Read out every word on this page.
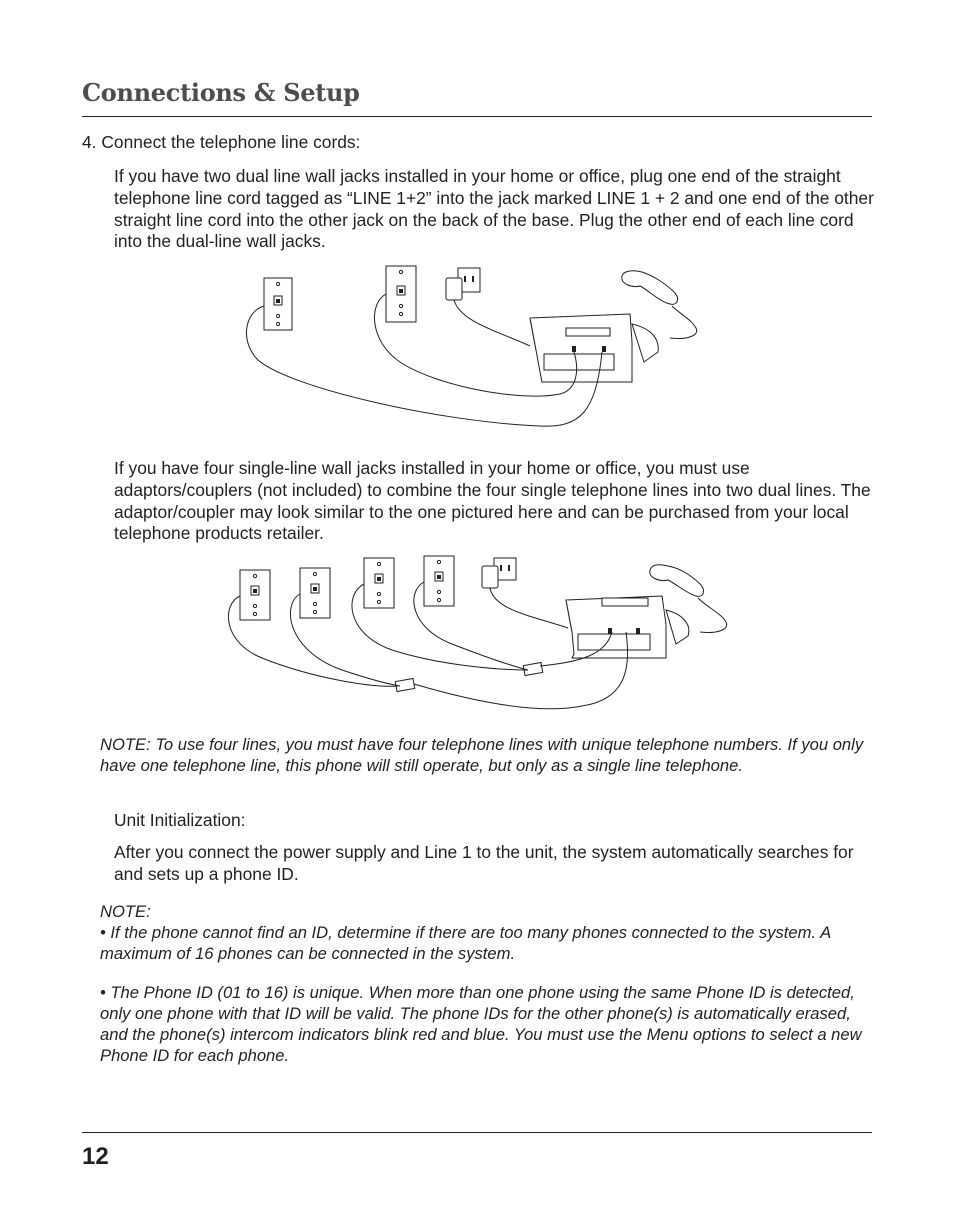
Connections & Setup

4. Connect the telephone line cords:

If you have two dual line wall jacks installed in your home or office, plug one end of the straight telephone line cord tagged as “LINE 1+2” into the jack marked LINE 1 + 2 and one end of the other straight line cord into the other jack on the back of the base. Plug the other end of each line cord into the dual-line wall jacks.

If you have four single-line wall jacks installed in your home or office, you must use adaptors/couplers (not included) to combine the four single telephone lines into two dual lines. The adaptor/coupler may look similar to the one pictured here and can be purchased from your local telephone products retailer.

NOTE: To use four lines, you must have four telephone lines with unique telephone numbers. If you only have one telephone line, this phone will still operate, but only as a single line telephone.

Unit Initialization:

After you connect the power supply and Line 1 to the unit, the system automatically searches for and sets up a phone ID.

NOTE:

• If the phone cannot find an ID, determine if there are too many phones connected to the system. A maximum of 16 phones can be connected in the system.

• The Phone ID (01 to 16) is unique. When more than one phone using the same Phone ID is detected, only one phone with that ID will be valid. The phone IDs for the other phone(s) is automatically erased, and the phone(s) intercom indicators blink red and blue. You must use the Menu options to select a new Phone ID for each phone.

12
